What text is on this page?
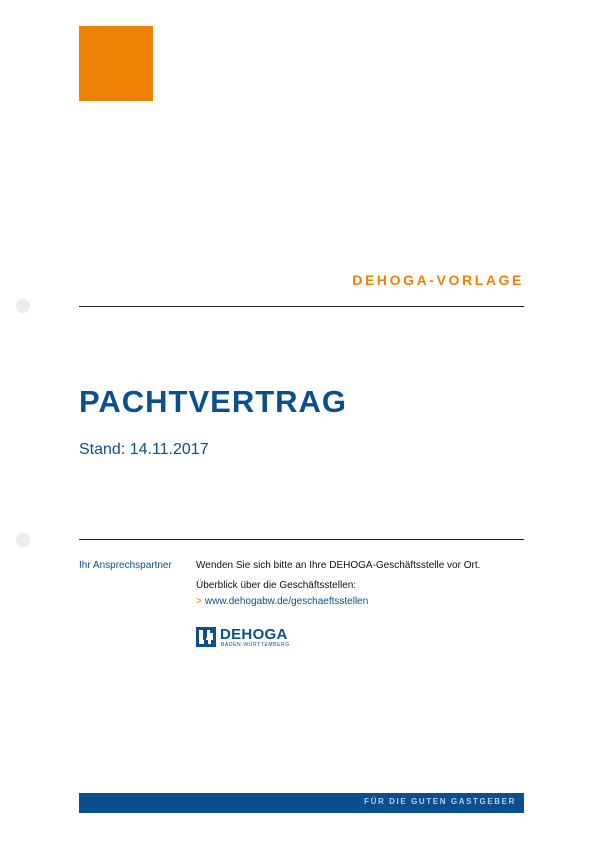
DEHOGA-VORLAGE
PACHTVERTRAG
Stand: 14.11.2017
Ihr Ansprechspartner Wenden Sie sich bitte an Ihre DEHOGA-Geschäftsstelle vor Ort.
Überblick über die Geschäftsstellen:
> www.dehogabw.de/geschaeftsstellen
DEHOGA
BADEN-WÜRTTEMBERG
FÜR DIE GUTEN GASTGEBER
